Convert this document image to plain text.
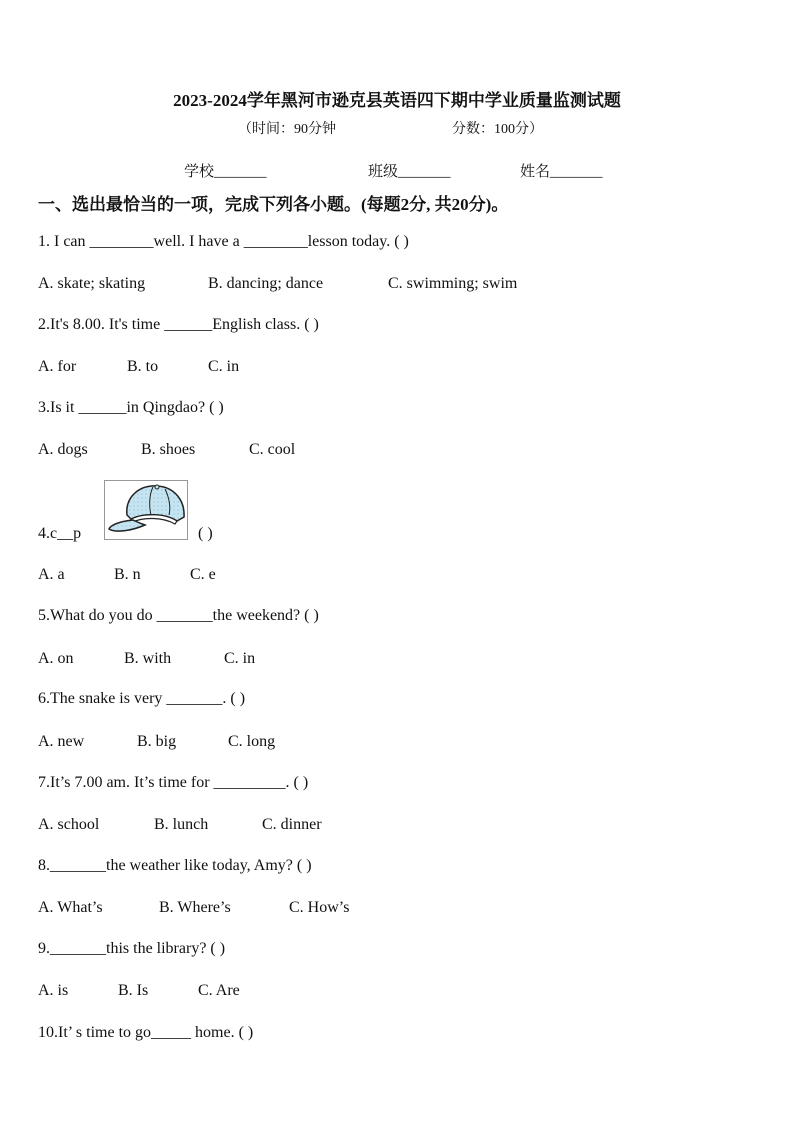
2023-2024学年黑河市逊克县英语四下期中学业质量监测试题
（时间：90分钟	分数：100分）
学校_______	班级_______	姓名_______
一、选出最恰当的一项，完成下列各小题。(每题2分, 共20分)。
1. I can ________well. I have a ________lesson today. ( )
A. skate; skating	B. dancing; dance	C. swimming; swim
2.It's 8.00. It's time ______English class. ( )
A. for	B. to	C. in
3.Is it ______in Qingdao? ( )
A. dogs	B. shoes	C. cool
4.c__p	( )
A. a	B. n	C. e
5.What do you do _______the weekend? ( )
A. on	B. with	C. in
6.The snake is very _______. ( )
A. new	B. big	C. long
7.It’s 7.00 am. It’s time for _________. ( )
A. school	B. lunch	C. dinner
8._______the weather like today, Amy? ( )
A. What’s	B. Where’s	C. How’s
9._______this the library? ( )
A. is	B. Is	C. Are
10.It’ s time to go_____ home. ( )
